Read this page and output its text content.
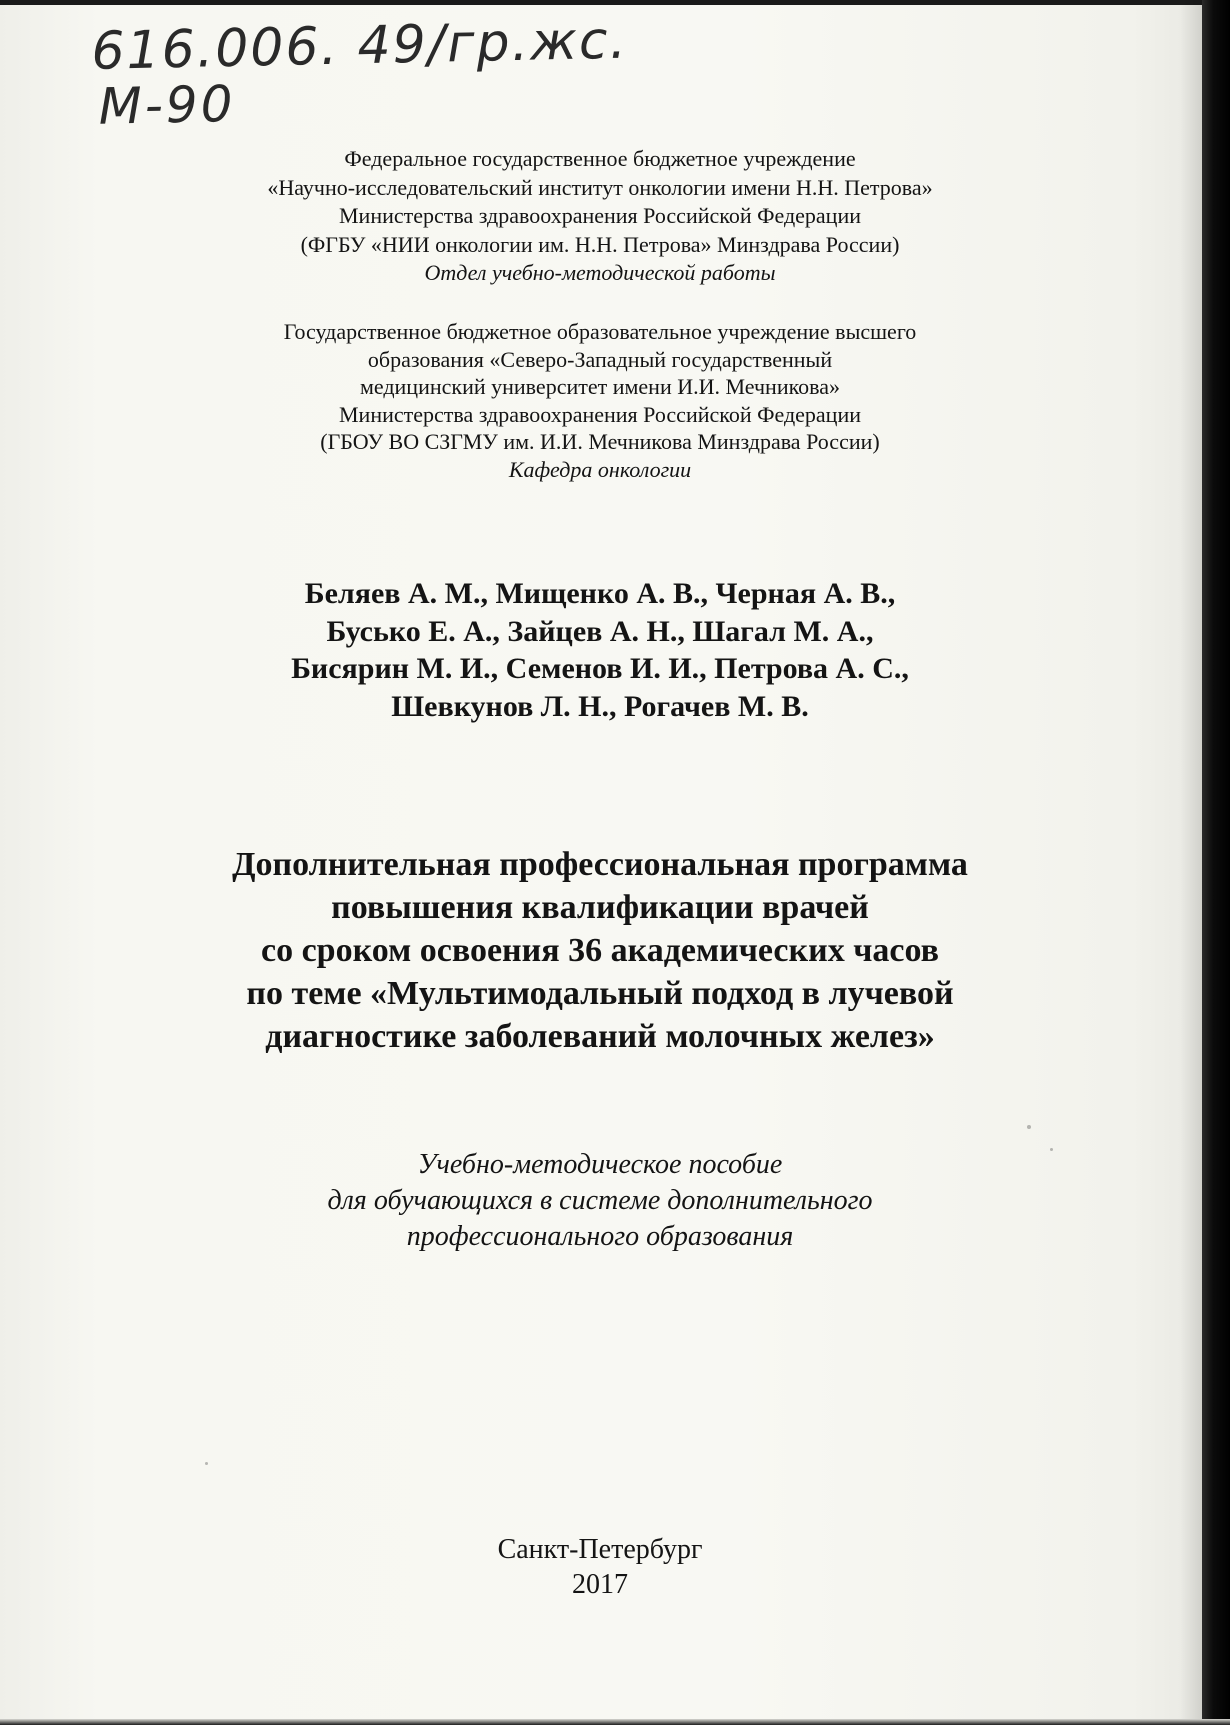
616.006. 49/гр.жс.
М-90
Федеральное государственное бюджетное учреждение
«Научно-исследовательский институт онкологии имени Н.Н. Петрова»
Министерства здравоохранения Российской Федерации
(ФГБУ «НИИ онкологии им. Н.Н. Петрова» Минздрава России)
Отдел учебно-методической работы
Государственное бюджетное образовательное учреждение высшего
образования «Северо-Западный государственный
медицинский университет имени И.И. Мечникова»
Министерства здравоохранения Российской Федерации
(ГБОУ ВО СЗГМУ им. И.И. Мечникова Минздрава России)
Кафедра онкологии
Беляев А. М., Мищенко А. В., Черная А. В.,
Бусько Е. А., Зайцев А. Н., Шагал М. А.,
Бисярин М. И., Семенов И. И., Петрова А. С.,
Шевкунов Л. Н., Рогачев М. В.
Дополнительная профессиональная программа
повышения квалификации врачей
со сроком освоения 36 академических часов
по теме «Мультимодальный подход в лучевой
диагностике заболеваний молочных желез»
Учебно-методическое пособие
для обучающихся в системе дополнительного
профессионального образования
Санкт-Петербург
2017
